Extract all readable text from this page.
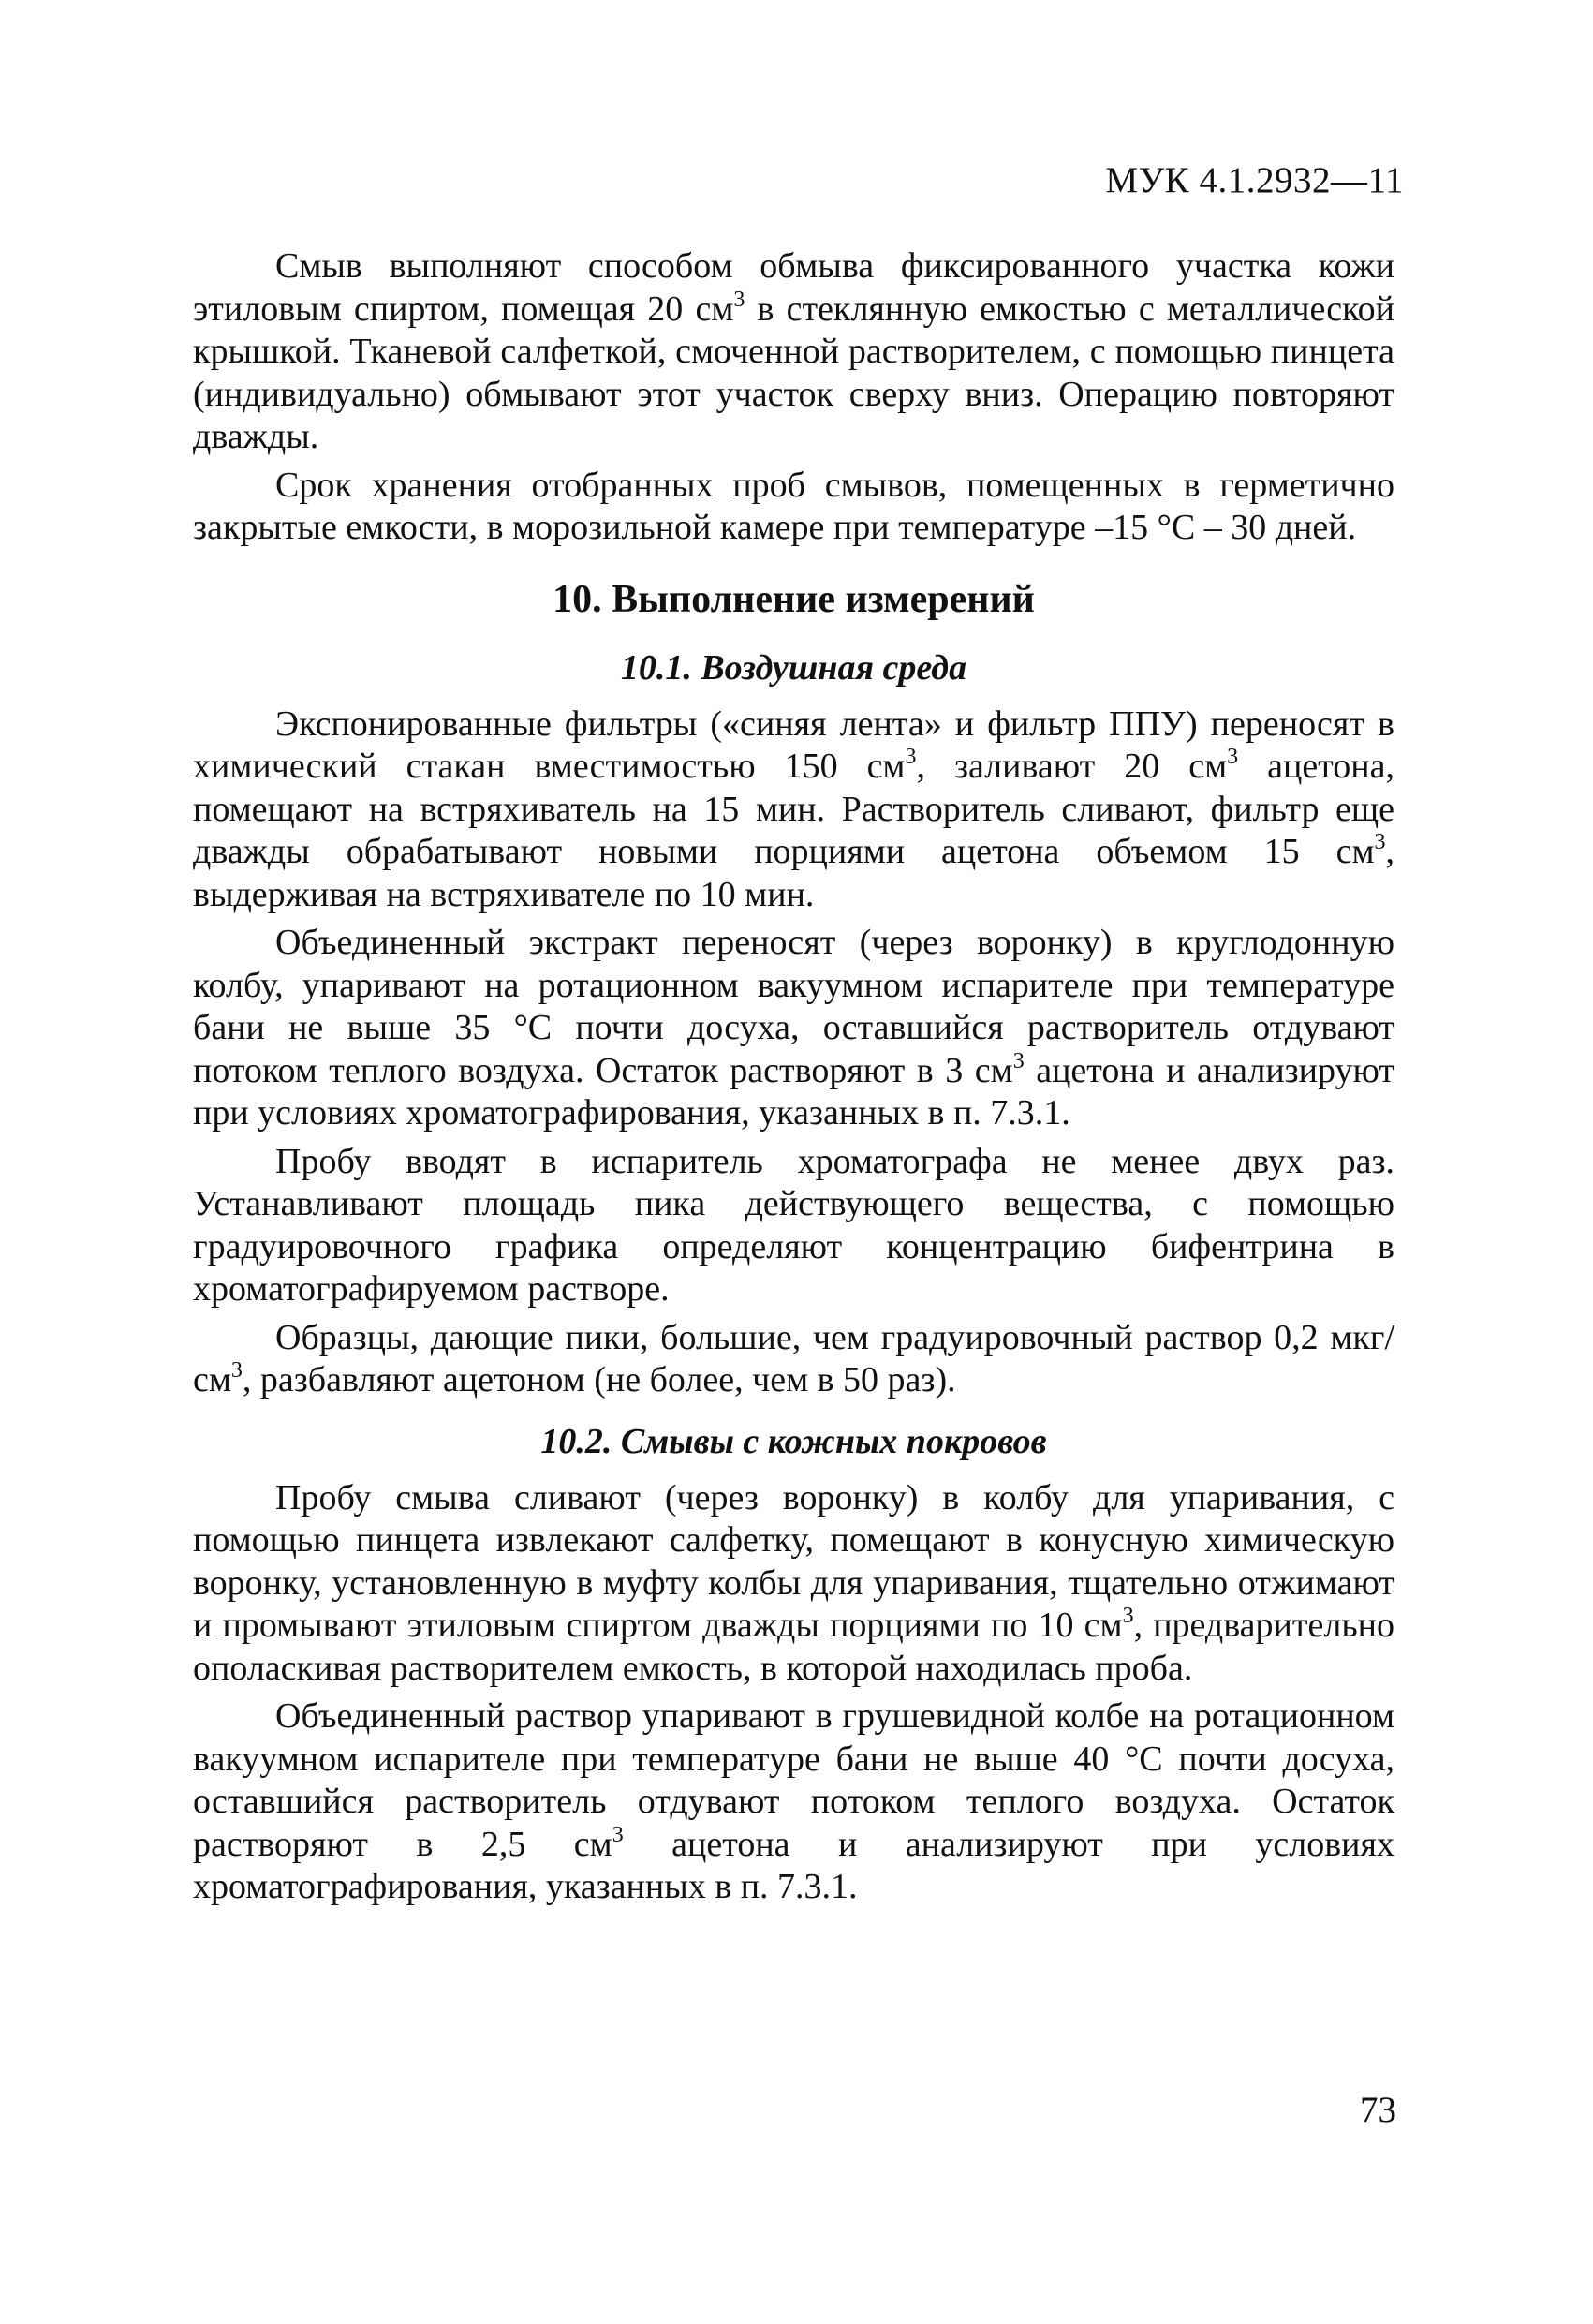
МУК 4.1.2932—11

Смыв выполняют способом обмыва фиксированного участка кожи этиловым спиртом, помещая 20 $см^3$ в стеклянную емкостью с металлической крышкой. Тканевой салфеткой, смоченной растворителем, с помощью пинцета (индивидуально) обмывают этот участок сверху вниз. Операцию повторяют дважды.

Срок хранения отобранных проб смывов, помещенных в герметично закрытые емкости, в морозильной камере при температуре –15 °С – 30 дней.

10. Выполнение измерений
10.1. Воздушная среда

Экспонированные фильтры («синяя лента» и фильтр ППУ) переносят в химический стакан вместимостью 150 $см^3$, заливают 20 $см^3$ ацетона, помещают на встряхиватель на 15 мин. Растворитель сливают, фильтр еще дважды обрабатывают новыми порциями ацетона объемом 15 $см^3$, выдерживая на встряхивателе по 10 мин.

Объединенный экстракт переносят (через воронку) в круглодонную колбу, упаривают на ротационном вакуумном испарителе при температуре бани не выше 35 °С почти досуха, оставшийся растворитель отдувают потоком теплого воздуха. Остаток растворяют в 3 $см^3$ ацетона и анализируют при условиях хроматографирования, указанных в п. 7.3.1.

Пробу вводят в испаритель хроматографа не менее двух раз. Устанавливают площадь пика действующего вещества, с помощью градуировочного графика определяют концентрацию бифентрина в хроматографируемом растворе.

Образцы, дающие пики, большие, чем градуировочный раствор 0,2 мкг/$см^3$, разбавляют ацетоном (не более, чем в 50 раз).

10.2. Смывы с кожных покровов

Пробу смыва сливают (через воронку) в колбу для упаривания, с помощью пинцета извлекают салфетку, помещают в конусную химическую воронку, установленную в муфту колбы для упаривания, тщательно отжимают и промывают этиловым спиртом дважды порциями по 10 $см^3$, предварительно ополаскивая растворителем емкость, в которой находилась проба.

Объединенный раствор упаривают в грушевидной колбе на ротационном вакуумном испарителе при температуре бани не выше 40 °С почти досуха, оставшийся растворитель отдувают потоком теплого воздуха. Остаток растворяют в 2,5 $см^3$ ацетона и анализируют при условиях хроматографирования, указанных в п. 7.3.1.

73
